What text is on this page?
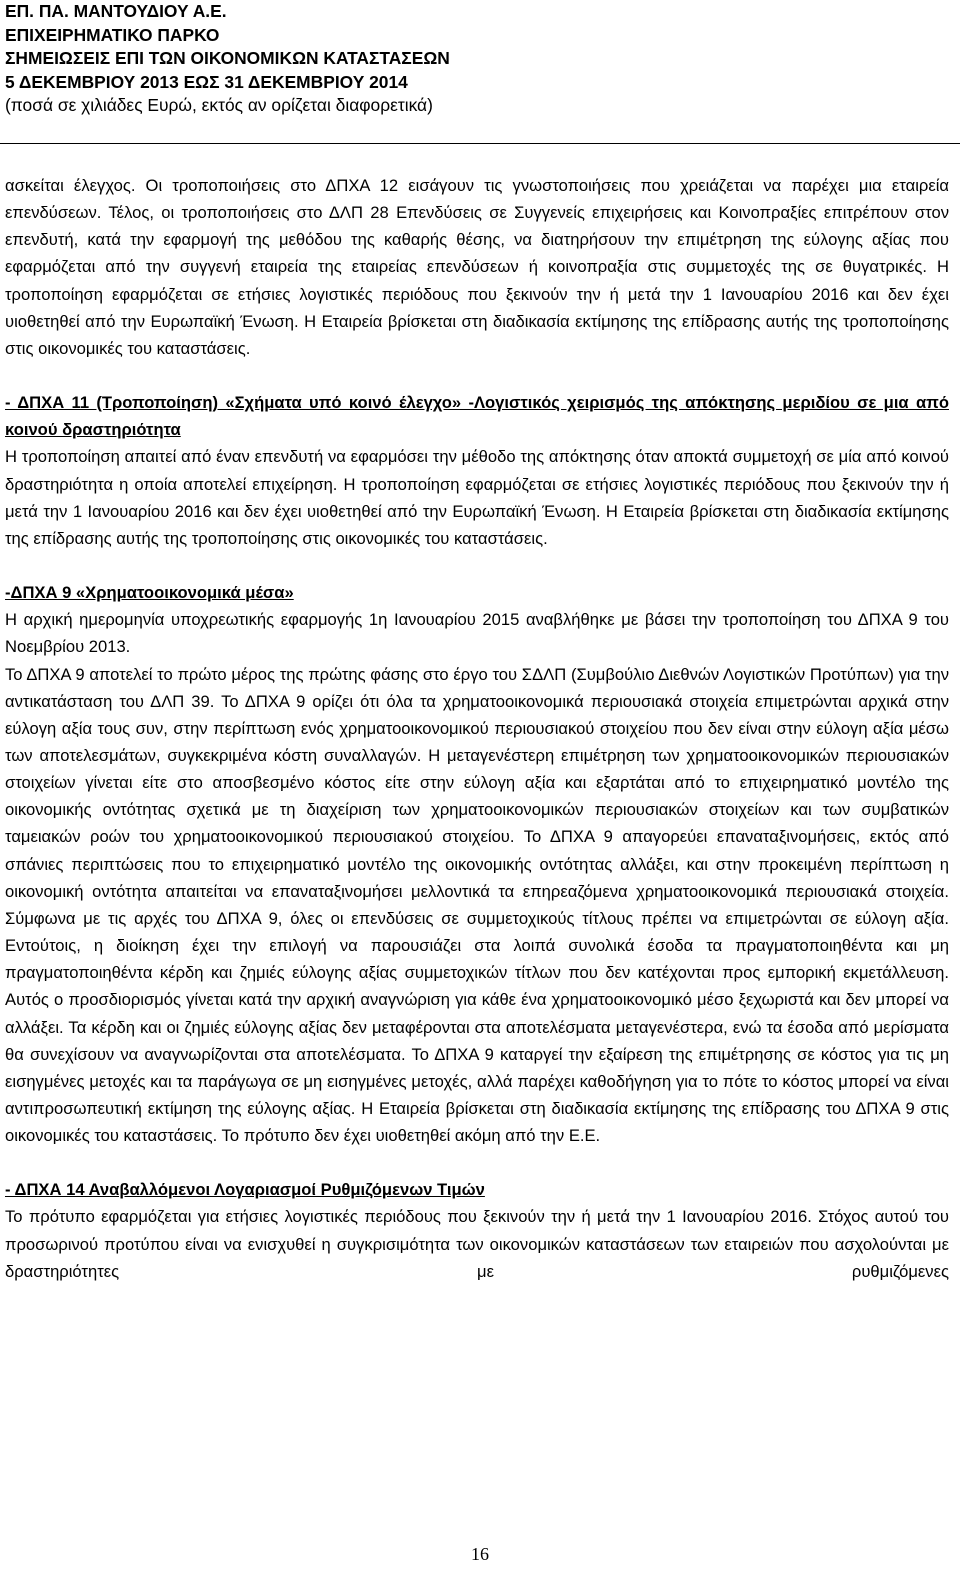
ΕΠ. ΠΑ. ΜΑΝΤΟΥΔΙΟΥ Α.Ε.
ΕΠΙΧΕΙΡΗΜΑΤΙΚΟ ΠΑΡΚΟ
ΣΗΜΕΙΩΣΕΙΣ ΕΠΙ ΤΩΝ ΟΙΚΟΝΟΜΙΚΩΝ ΚΑΤΑΣΤΑΣΕΩΝ
5 ΔΕΚΕΜΒΡΙΟΥ 2013 ΕΩΣ 31 ΔΕΚΕΜΒΡΙΟΥ 2014
(ποσά σε χιλιάδες Ευρώ, εκτός αν ορίζεται διαφορετικά)

ασκείται έλεγχος. Οι τροποποιήσεις στο ΔΠΧΑ 12 εισάγουν τις γνωστοποιήσεις που χρειάζεται να παρέχει μια εταιρεία επενδύσεων. Τέλος, οι τροποποιήσεις στο ΔΛΠ 28 Επενδύσεις σε Συγγενείς επιχειρήσεις και Κοινοπραξίες επιτρέπουν στον επενδυτή, κατά την εφαρμογή της μεθόδου της καθαρής θέσης, να διατηρήσουν την επιμέτρηση της εύλογης αξίας που εφαρμόζεται από την συγγενή εταιρεία της εταιρείας επενδύσεων ή κοινοπραξία στις συμμετοχές της σε θυγατρικές. Η τροποποίηση εφαρμόζεται σε ετήσιες λογιστικές περιόδους που ξεκινούν την ή μετά την 1 Ιανουαρίου 2016 και δεν έχει υιοθετηθεί από την Ευρωπαϊκή Ένωση. Η Εταιρεία βρίσκεται στη διαδικασία εκτίμησης της επίδρασης αυτής της τροποποίησης στις οικονομικές του καταστάσεις.

- ΔΠΧΑ 11 (Τροποποίηση) «Σχήματα υπό κοινό έλεγχο» -Λογιστικός χειρισμός της απόκτησης μεριδίου σε μια από κοινού δραστηριότητα

Η τροποποίηση απαιτεί από έναν επενδυτή να εφαρμόσει την μέθοδο της απόκτησης όταν αποκτά συμμετοχή σε μία από κοινού δραστηριότητα η οποία αποτελεί επιχείρηση. Η τροποποίηση εφαρμόζεται σε ετήσιες λογιστικές περιόδους που ξεκινούν την ή μετά την 1 Ιανουαρίου 2016 και δεν έχει υιοθετηθεί από την Ευρωπαϊκή Ένωση. Η Εταιρεία βρίσκεται στη διαδικασία εκτίμησης της επίδρασης αυτής της τροποποίησης στις οικονομικές του καταστάσεις.

-ΔΠΧΑ 9 «Χρηματοοικονομικά μέσα»

Η αρχική ημερομηνία υποχρεωτικής εφαρμογής 1η Ιανουαρίου 2015 αναβλήθηκε με βάσει την τροποποίηση του ΔΠΧΑ 9 του Νοεμβρίου 2013.

Το ΔΠΧΑ 9 αποτελεί το πρώτο μέρος της πρώτης φάσης στο έργο του ΣΔΛΠ (Συμβούλιο Διεθνών Λογιστικών Προτύπων) για την αντικατάσταση του ΔΛΠ 39. Το ΔΠΧΑ 9 ορίζει ότι όλα τα χρηματοοικονομικά περιουσιακά στοιχεία επιμετρώνται αρχικά στην εύλογη αξία τους συν, στην περίπτωση ενός χρηματοοικονομικού περιουσιακού στοιχείου που δεν είναι στην εύλογη αξία μέσω των αποτελεσμάτων, συγκεκριμένα κόστη συναλλαγών. Η μεταγενέστερη επιμέτρηση των χρηματοοικονομικών περιουσιακών στοιχείων γίνεται είτε στο αποσβεσμένο κόστος είτε στην εύλογη αξία και εξαρτάται από το επιχειρηματικό μοντέλο της οικονομικής οντότητας σχετικά με τη διαχείριση των χρηματοοικονομικών περιουσιακών στοιχείων και των συμβατικών ταμειακών ροών του χρηματοοικονομικού περιουσιακού στοιχείου. Το ΔΠΧΑ 9 απαγορεύει επαναταξινομήσεις, εκτός από σπάνιες περιπτώσεις που το επιχειρηματικό μοντέλο της οικονομικής οντότητας αλλάξει, και στην προκειμένη περίπτωση η οικονομική οντότητα απαιτείται να επαναταξινομήσει μελλοντικά τα επηρεαζόμενα χρηματοοικονομικά περιουσιακά στοιχεία. Σύμφωνα με τις αρχές του ΔΠΧΑ 9, όλες οι επενδύσεις σε συμμετοχικούς τίτλους πρέπει να επιμετρώνται σε εύλογη αξία. Εντούτοις, η διοίκηση έχει την επιλογή να παρουσιάζει στα λοιπά συνολικά έσοδα τα πραγματοποιηθέντα και μη πραγματοποιηθέντα κέρδη και ζημιές εύλογης αξίας συμμετοχικών τίτλων που δεν κατέχονται προς εμπορική εκμετάλλευση. Αυτός ο προσδιορισμός γίνεται κατά την αρχική αναγνώριση για κάθε ένα χρηματοοικονομικό μέσο ξεχωριστά και δεν μπορεί να αλλάξει. Τα κέρδη και οι ζημιές εύλογης αξίας δεν μεταφέρονται στα αποτελέσματα μεταγενέστερα, ενώ τα έσοδα από μερίσματα θα συνεχίσουν να αναγνωρίζονται στα αποτελέσματα. Το ΔΠΧΑ 9 καταργεί την εξαίρεση της επιμέτρησης σε κόστος για τις μη εισηγμένες μετοχές και τα παράγωγα σε μη εισηγμένες μετοχές, αλλά παρέχει καθοδήγηση για το πότε το κόστος μπορεί να είναι αντιπροσωπευτική εκτίμηση της εύλογης αξίας. Η Εταιρεία βρίσκεται στη διαδικασία εκτίμησης της επίδρασης του ΔΠΧΑ 9 στις οικονομικές του καταστάσεις. Το πρότυπο δεν έχει υιοθετηθεί ακόμη από την Ε.Ε.

- ΔΠΧΑ 14 Αναβαλλόμενοι Λογαριασμοί Ρυθμιζόμενων Τιμών

Το πρότυπο εφαρμόζεται για ετήσιες λογιστικές περιόδους που ξεκινούν την ή μετά την 1 Ιανουαρίου 2016. Στόχος αυτού του προσωρινού προτύπου είναι να ενισχυθεί η συγκρισιμότητα των οικονομικών καταστάσεων των εταιρειών που ασχολούνται με δραστηριότητες με ρυθμιζόμενες

16
